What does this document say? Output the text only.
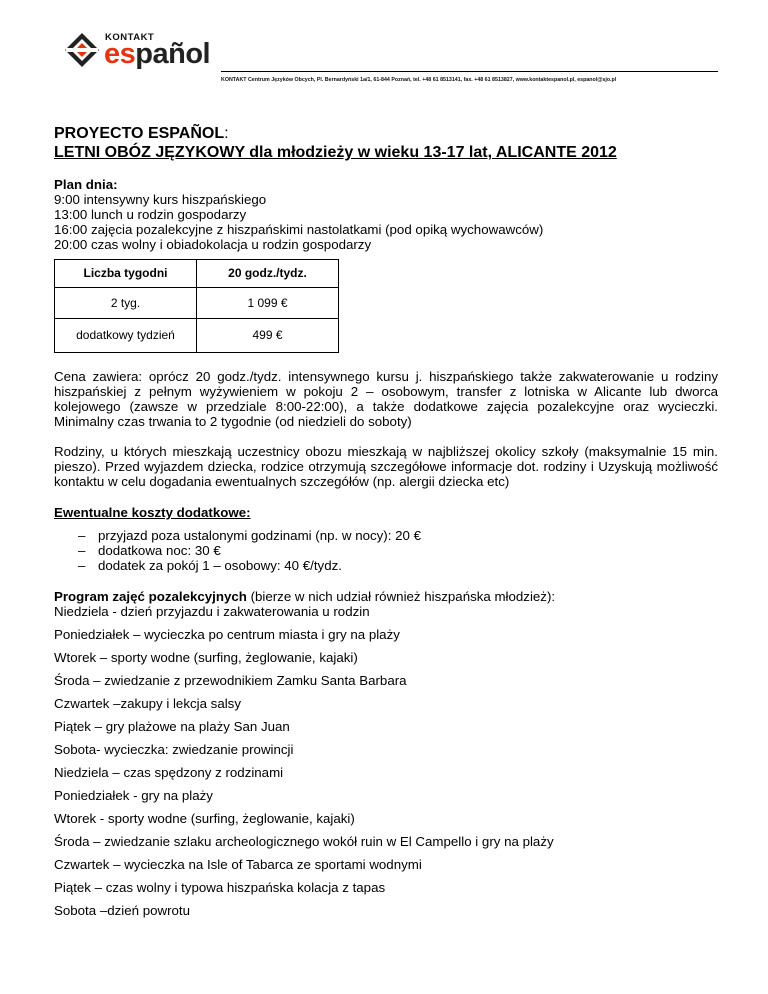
KONTAKT
español
KONTAKT Centrum Języków Obcych, Pl. Bernardyński 1a/1, 61-844 Poznań, tel. +48 61 8513141, fax. +48 61 8513827, www.kontaktespanol.pl, espanol@sjo.pl
PROYECTO ESPAÑOL:
LETNI OBÓZ JĘZYKOWY dla młodzieży w wieku 13-17 lat, ALICANTE 2012
Plan dnia:
9:00 intensywny kurs hiszpańskiego
13:00 lunch u rodzin gospodarzy
16:00 zajęcia pozalekcyjne z hiszpańskimi nastolatkami (pod opiką wychowawców)
20:00 czas wolny i obiadokolacja u rodzin gospodarzy
Liczba tygodni	20 godz./tydz.
2 tyg.	1 099 €
dodatkowy tydzień	499 €

Cena zawiera: oprócz 20 godz./tydz. intensywnego kursu j. hiszpańskiego także zakwaterowanie u rodziny hiszpańskiej z pełnym wyżywieniem w pokoju 2 – osobowym, transfer z lotniska w Alicante lub dworca kolejowego (zawsze w przedziale 8:00-22:00), a także dodatkowe zajęcia pozalekcyjne oraz wycieczki. Minimalny czas trwania to 2 tygodnie (od niedzieli do soboty)

Rodziny, u których mieszkają uczestnicy obozu mieszkają w najbliższej okolicy szkoły (maksymalnie 15 min. pieszo). Przed wyjazdem dziecka, rodzice otrzymują szczegółowe informacje dot. rodziny i Uzyskują możliwość kontaktu w celu dogadania ewentualnych szczegółów (np. alergii dziecka etc)

Ewentualne koszty dodatkowe:
– przyjazd poza ustalonymi godzinami (np. w nocy): 20 €
– dodatkowa noc: 30 €
– dodatek za pokój 1 – osobowy: 40 €/tydz.
Program zajęć pozalekcyjnych (bierze w nich udział również hiszpańska młodzież):
Niedziela - dzień przyjazdu i zakwaterowania u rodzin
Poniedziałek – wycieczka po centrum miasta i gry na plaży
Wtorek – sporty wodne (surfing, żeglowanie, kajaki)
Środa – zwiedzanie z przewodnikiem Zamku Santa Barbara
Czwartek –zakupy i lekcja salsy
Piątek – gry plażowe na plaży San Juan
Sobota- wycieczka: zwiedzanie prowincji
Niedziela – czas spędzony z rodzinami
Poniedziałek - gry na plaży
Wtorek - sporty wodne (surfing, żeglowanie, kajaki)
Środa – zwiedzanie szlaku archeologicznego wokół ruin w El Campello i gry na plaży
Czwartek – wycieczka na Isle of Tabarca ze sportami wodnymi
Piątek – czas wolny i typowa hiszpańska kolacja z tapas
Sobota –dzień powrotu
